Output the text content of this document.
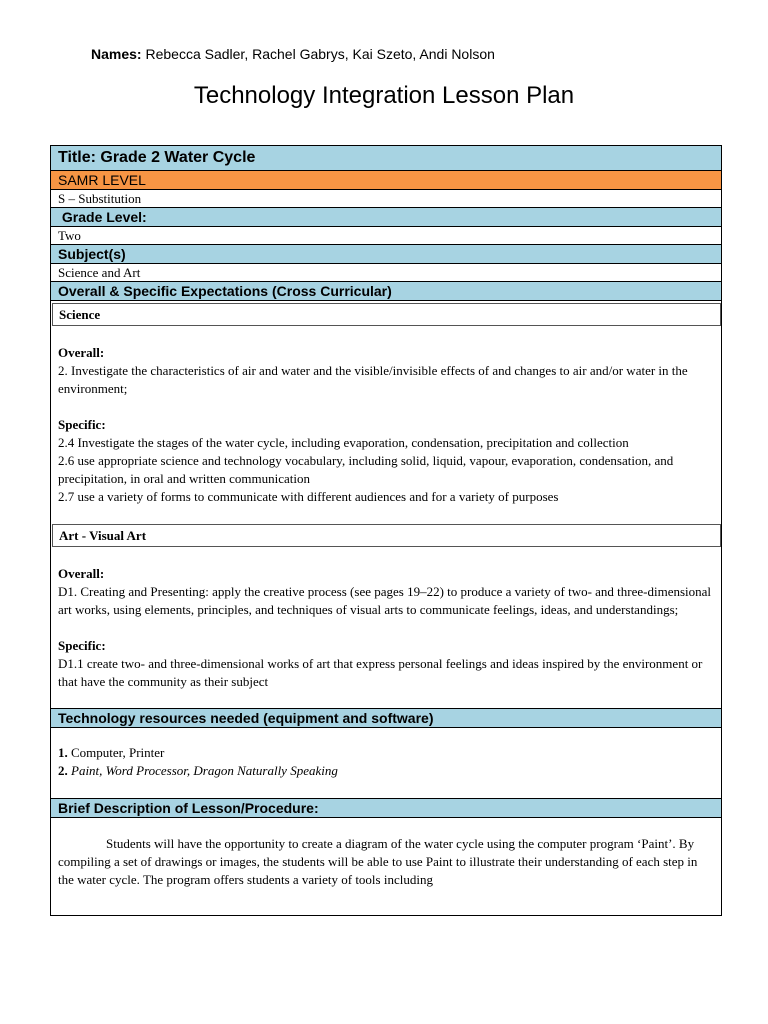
Names: Rebecca Sadler, Rachel Gabrys, Kai Szeto, Andi Nolson
Technology Integration Lesson Plan
Title: Grade 2 Water Cycle
SAMR LEVEL
S – Substitution
Grade Level:
Two
Subject(s)
Science and Art
Overall & Specific Expectations (Cross Curricular)
Science

Overall:

2. Investigate the characteristics of air and water and the visible/invisible effects of and changes to air and/or water in the environment;

Specific:

2.4 Investigate the stages of the water cycle, including evaporation, condensation, precipitation and collection

2.6 use appropriate science and technology vocabulary, including solid, liquid, vapour, evaporation, condensation, and precipitation, in oral and written communication

2.7 use a variety of forms to communicate with different audiences and for a variety of purposes

Art - Visual Art

Overall:

D1. Creating and Presenting: apply the creative process (see pages 19–22) to produce a variety of two- and three-dimensional art works, using elements, principles, and techniques of visual arts to communicate feelings, ideas, and understandings;

Specific:

D1.1 create two- and three-dimensional works of art that express personal feelings and ideas inspired by the environment or that have the community as their subject

Technology resources needed (equipment and software)

1. Computer, Printer

2. Paint, Word Processor, Dragon Naturally Speaking

Brief Description of Lesson/Procedure:

Students will have the opportunity to create a diagram of the water cycle using the computer program ‘Paint’. By compiling a set of drawings or images, the students will be able to use Paint to illustrate their understanding of each step in the water cycle. The program offers students a variety of tools including
